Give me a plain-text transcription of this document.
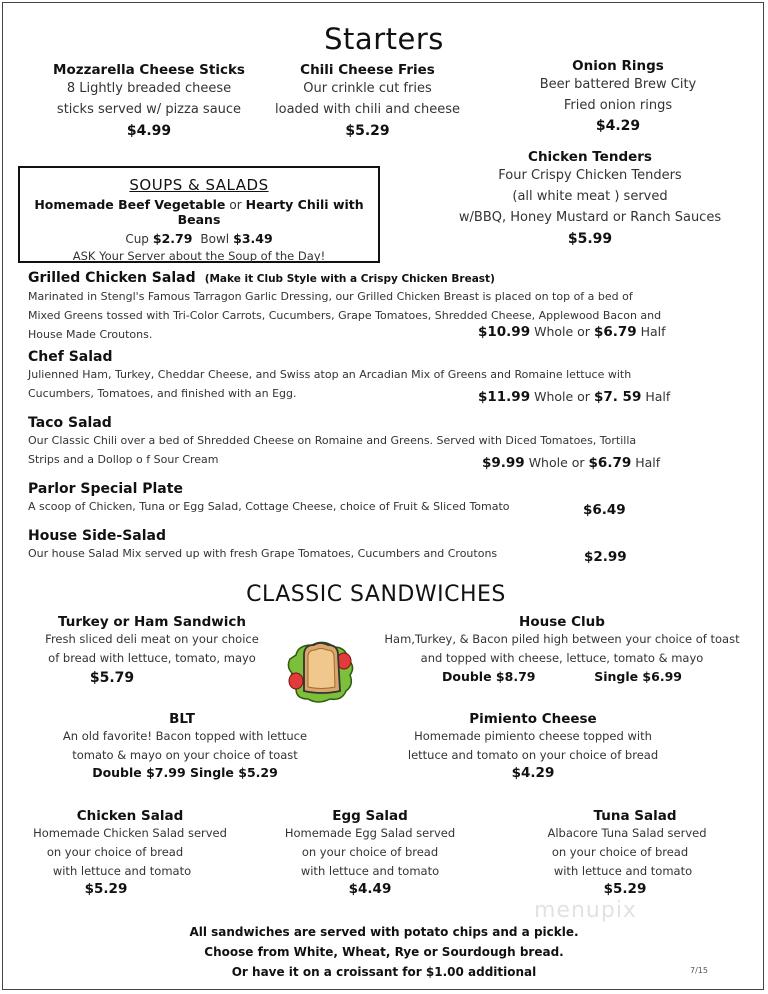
Starters
Mozzarella Cheese Sticks
8 Lightly breaded cheese
sticks served w/ pizza sauce
$4.99
Chili Cheese Fries
Our crinkle cut fries
loaded with chili and cheese
$5.29
Onion Rings
Beer battered Brew City
Fried onion rings
$4.29
Chicken Tenders
Four Crispy Chicken Tenders
(all white meat ) served
w/BBQ, Honey Mustard or Ranch Sauces
$5.99
SOUPS & SALADS
Homemade Beef Vegetable or Hearty Chili with Beans
Cup $2.79 Bowl $3.49
ASK Your Server about the Soup of the Day!
Grilled Chicken Salad (Make it Club Style with a Crispy Chicken Breast)
Marinated in Stengl's Famous Tarragon Garlic Dressing, our Grilled Chicken Breast is placed on top of a bed of
Mixed Greens tossed with Tri-Color Carrots, Cucumbers, Grape Tomatoes, Shredded Cheese, Applewood Bacon and
House Made Croutons.	$10.99 Whole or $6.79 Half
Chef Salad
Julienned Ham, Turkey, Cheddar Cheese, and Swiss atop an Arcadian Mix of Greens and Romaine lettuce with
Cucumbers, Tomatoes, and finished with an Egg.	$11.99 Whole or $7. 59 Half
Taco Salad
Our Classic Chili over a bed of Shredded Cheese on Romaine and Greens. Served with Diced Tomatoes, Tortilla
Strips and a Dollop o f Sour Cream	$9.99 Whole or $6.79 Half
Parlor Special Plate
A scoop of Chicken, Tuna or Egg Salad, Cottage Cheese, choice of Fruit & Sliced Tomato	$6.49
House Side-Salad
Our house Salad Mix served up with fresh Grape Tomatoes, Cucumbers and Croutons	$2.99
CLASSIC SANDWICHES
Turkey or Ham Sandwich
Fresh sliced deli meat on your choice
of bread with lettuce, tomato, mayo
$5.79
House Club
Ham,Turkey, & Bacon piled high between your choice of toast
and topped with cheese, lettuce, tomato & mayo
Double $8.79	Single $6.99
BLT
An old favorite! Bacon topped with lettuce
tomato & mayo on your choice of toast
Double $7.99 Single $5.29
Pimiento Cheese
Homemade pimiento cheese topped with
lettuce and tomato on your choice of bread
$4.29
Chicken Salad
Homemade Chicken Salad served
on your choice of bread
with lettuce and tomato
$5.29
Egg Salad
Homemade Egg Salad served
on your choice of bread
with lettuce and tomato
$4.49
Tuna Salad
Albacore Tuna Salad served
on your choice of bread
with lettuce and tomato
$5.29
menupix
All sandwiches are served with potato chips and a pickle.
Choose from White, Wheat, Rye or Sourdough bread.
Or have it on a croissant for $1.00 additional	7/15
